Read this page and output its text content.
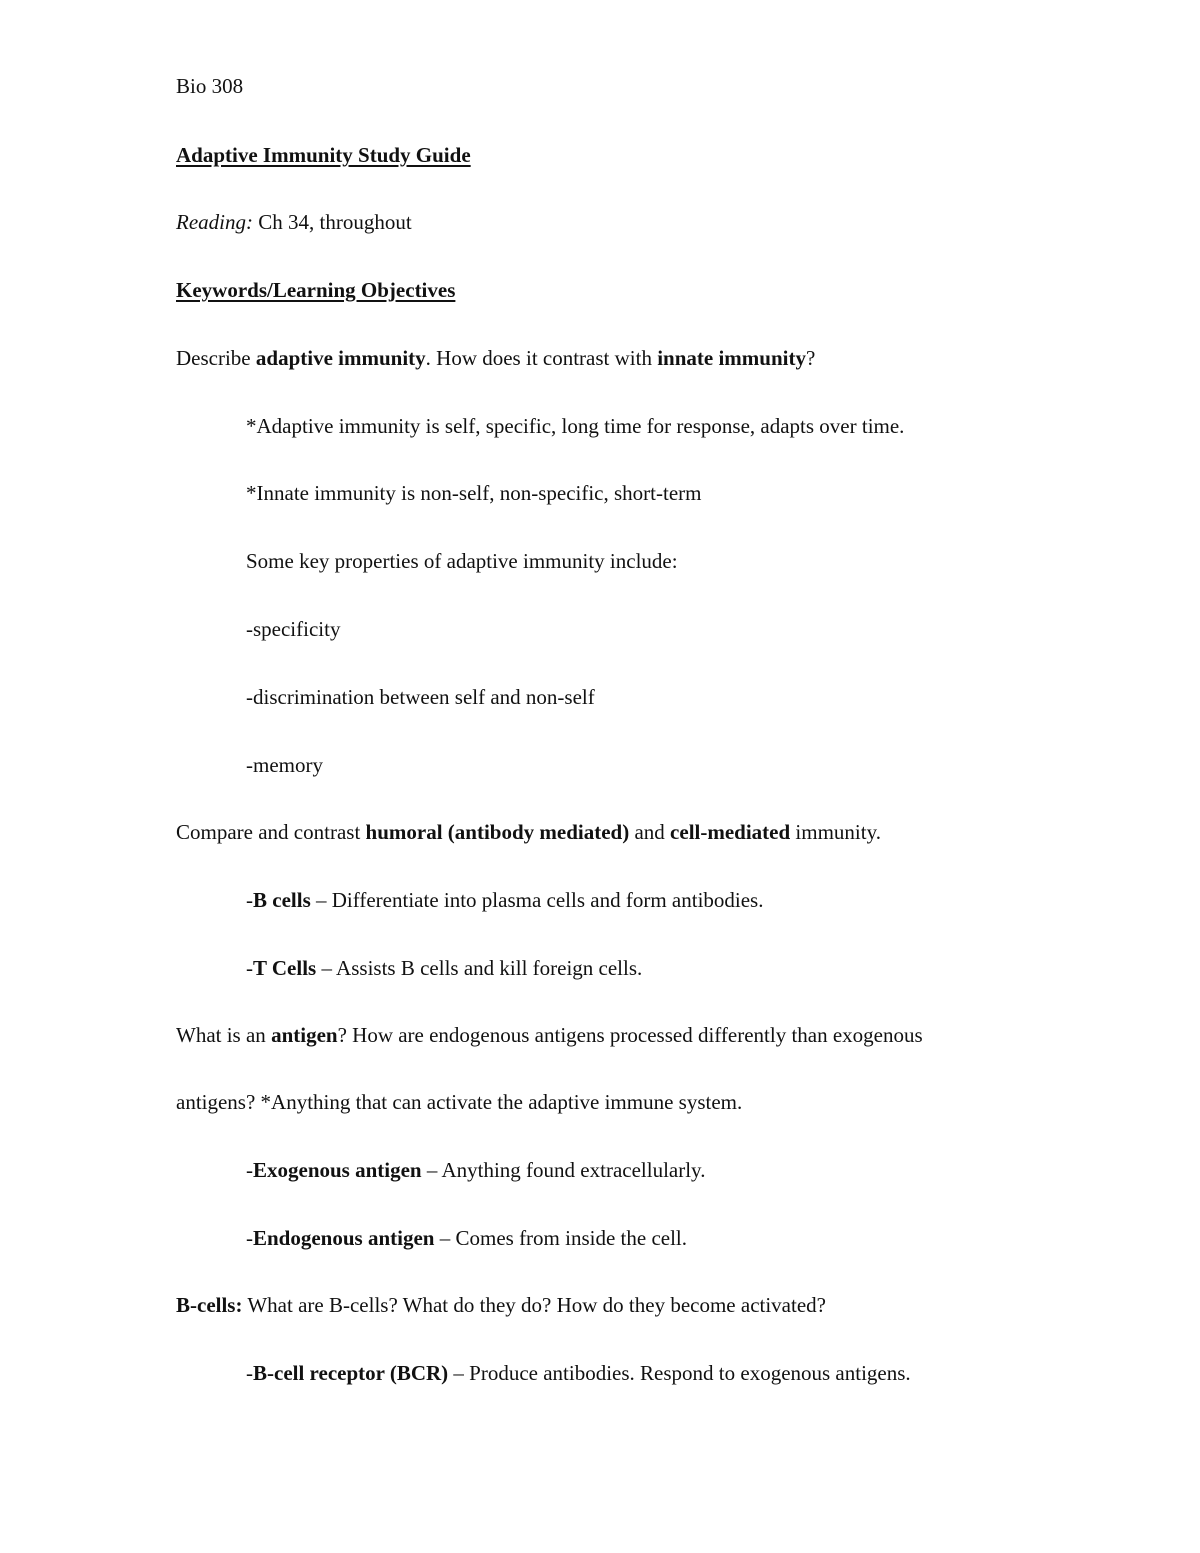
Bio 308
Adaptive Immunity Study Guide
Reading: Ch 34, throughout
Keywords/Learning Objectives
Describe adaptive immunity. How does it contrast with innate immunity?
*Adaptive immunity is self, specific, long time for response, adapts over time.
*Innate immunity is non-self, non-specific, short-term
Some key properties of adaptive immunity include:
-specificity
-discrimination between self and non-self
-memory
Compare and contrast humoral (antibody mediated) and cell-mediated immunity.
-B cells – Differentiate into plasma cells and form antibodies.
-T Cells – Assists B cells and kill foreign cells.
What is an antigen? How are endogenous antigens processed differently than exogenous
antigens? *Anything that can activate the adaptive immune system.
-Exogenous antigen – Anything found extracellularly.
-Endogenous antigen – Comes from inside the cell.
B-cells: What are B-cells? What do they do? How do they become activated?
-B-cell receptor (BCR) – Produce antibodies. Respond to exogenous antigens.
